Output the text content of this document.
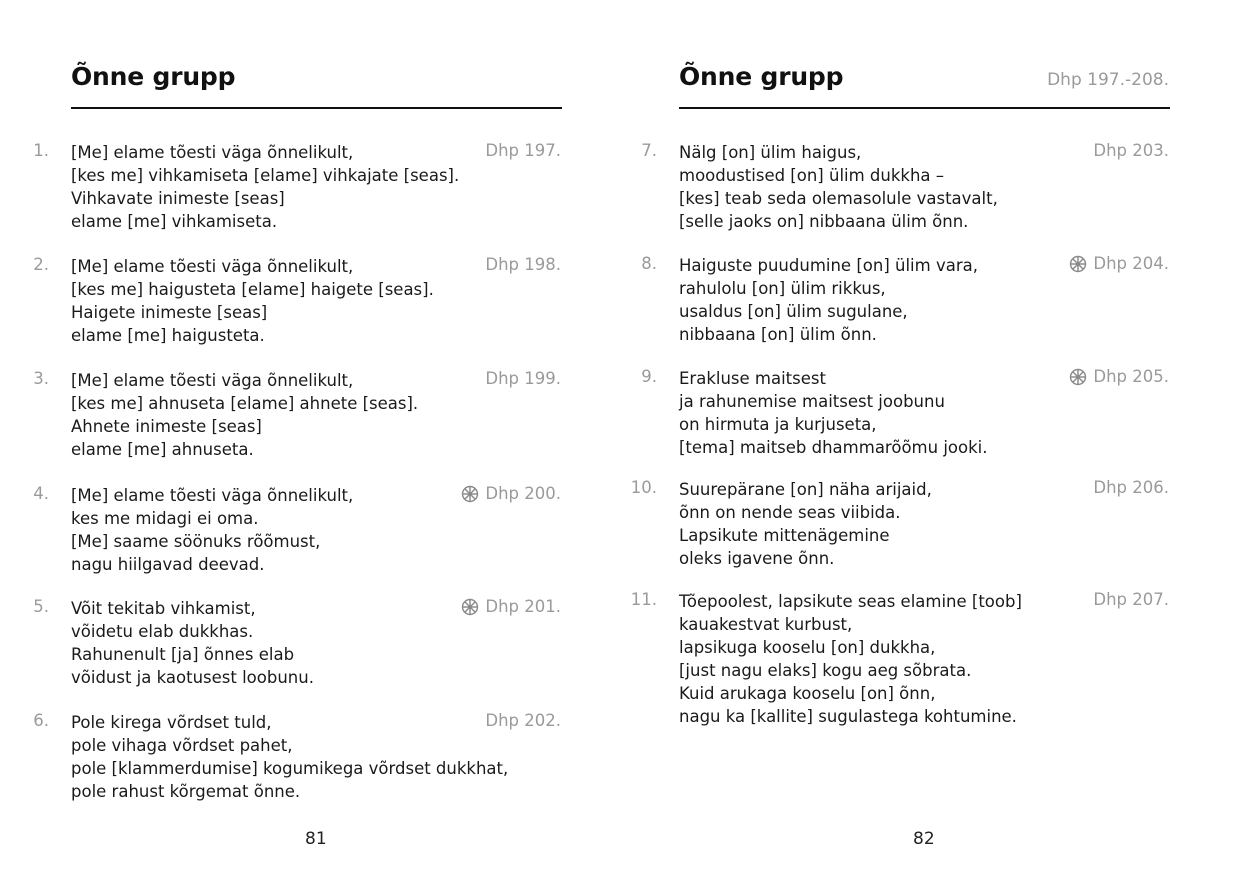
Õnne grupp
1. [Me] elame tõesti väga õnnelikult,
[kes me] vihkamiseta [elame] vihkajate [seas].
Vihkavate inimeste [seas]
elame [me] vihkamiseta.
Dhp 197.
2. [Me] elame tõesti väga õnnelikult,
[kes me] haigusteta [elame] haigete [seas].
Haigete inimeste [seas]
elame [me] haigusteta.
Dhp 198.
3. [Me] elame tõesti väga õnnelikult,
[kes me] ahnuseta [elame] ahnete [seas].
Ahnete inimeste [seas]
elame [me] ahnuseta.
Dhp 199.
4. [Me] elame tõesti väga õnnelikult,
kes me midagi ei oma.
[Me] saame söönuks rõõmust,
nagu hiilgavad deevad.
Dhp 200.
5. Võit tekitab vihkamist,
võidetu elab dukkhas.
Rahunenult [ja] õnnes elab
võidust ja kaotusest loobunu.
Dhp 201.
6. Pole kirega võrdset tuld,
pole vihaga võrdset pahet,
pole [klammerdumise] kogumikega võrdset dukkhat,
pole rahust kõrgemat õnne.
Dhp 202.
81
Õnne grupp	Dhp 197.-208.
7. Nälg [on] ülim haigus,
moodustised [on] ülim dukkha –
[kes] teab seda olemasolule vastavalt,
[selle jaoks on] nibbaana ülim õnn.
Dhp 203.
8. Haiguste puudumine [on] ülim vara,
rahulolu [on] ülim rikkus,
usaldus [on] ülim sugulane,
nibbaana [on] ülim õnn.
Dhp 204.
9. Erakluse maitsest
ja rahunemise maitsest joobunu
on hirmuta ja kurjuseta,
[tema] maitseb dhammarõõmu jooki.
Dhp 205.
10. Suurepärane [on] näha arijaid,
õnn on nende seas viibida.
Lapsikute mittenägemine
oleks igavene õnn.
Dhp 206.
11. Tõepoolest, lapsikute seas elamine [toob]
kauakestvat kurbust,
lapsikuga kooselu [on] dukkha,
[just nagu elaks] kogu aeg sõbrata.
Kuid arukaga kooselu [on] õnn,
nagu ka [kallite] sugulastega kohtumine.
Dhp 207.
82
